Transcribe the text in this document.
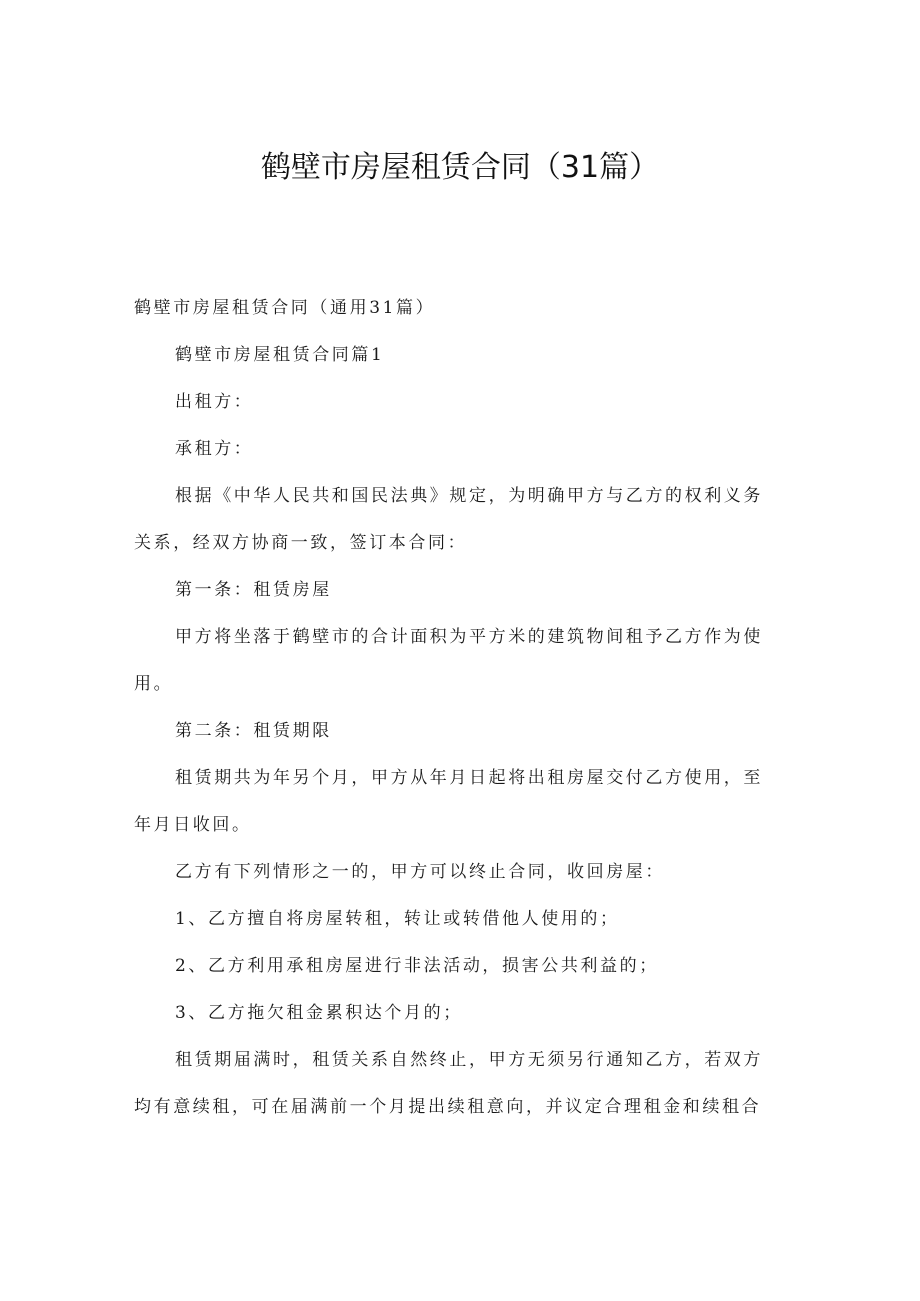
鹤壁市房屋租赁合同（31篇）

鹤壁市房屋租赁合同（通用31篇）

鹤壁市房屋租赁合同篇1

出租方：

承租方：

根据《中华人民共和国民法典》规定，为明确甲方与乙方的权利义务

关系，经双方协商一致，签订本合同：

第一条：租赁房屋

甲方将坐落于鹤壁市的合计面积为平方米的建筑物间租予乙方作为使

用。

第二条：租赁期限

租赁期共为年另个月，甲方从年月日起将出租房屋交付乙方使用，至

年月日收回。

乙方有下列情形之一的，甲方可以终止合同，收回房屋：

1、乙方擅自将房屋转租，转让或转借他人使用的；

2、乙方利用承租房屋进行非法活动，损害公共利益的；

3、乙方拖欠租金累积达个月的；

租赁期届满时，租赁关系自然终止，甲方无须另行通知乙方，若双方

均有意续租，可在届满前一个月提出续租意向，并议定合理租金和续租合
